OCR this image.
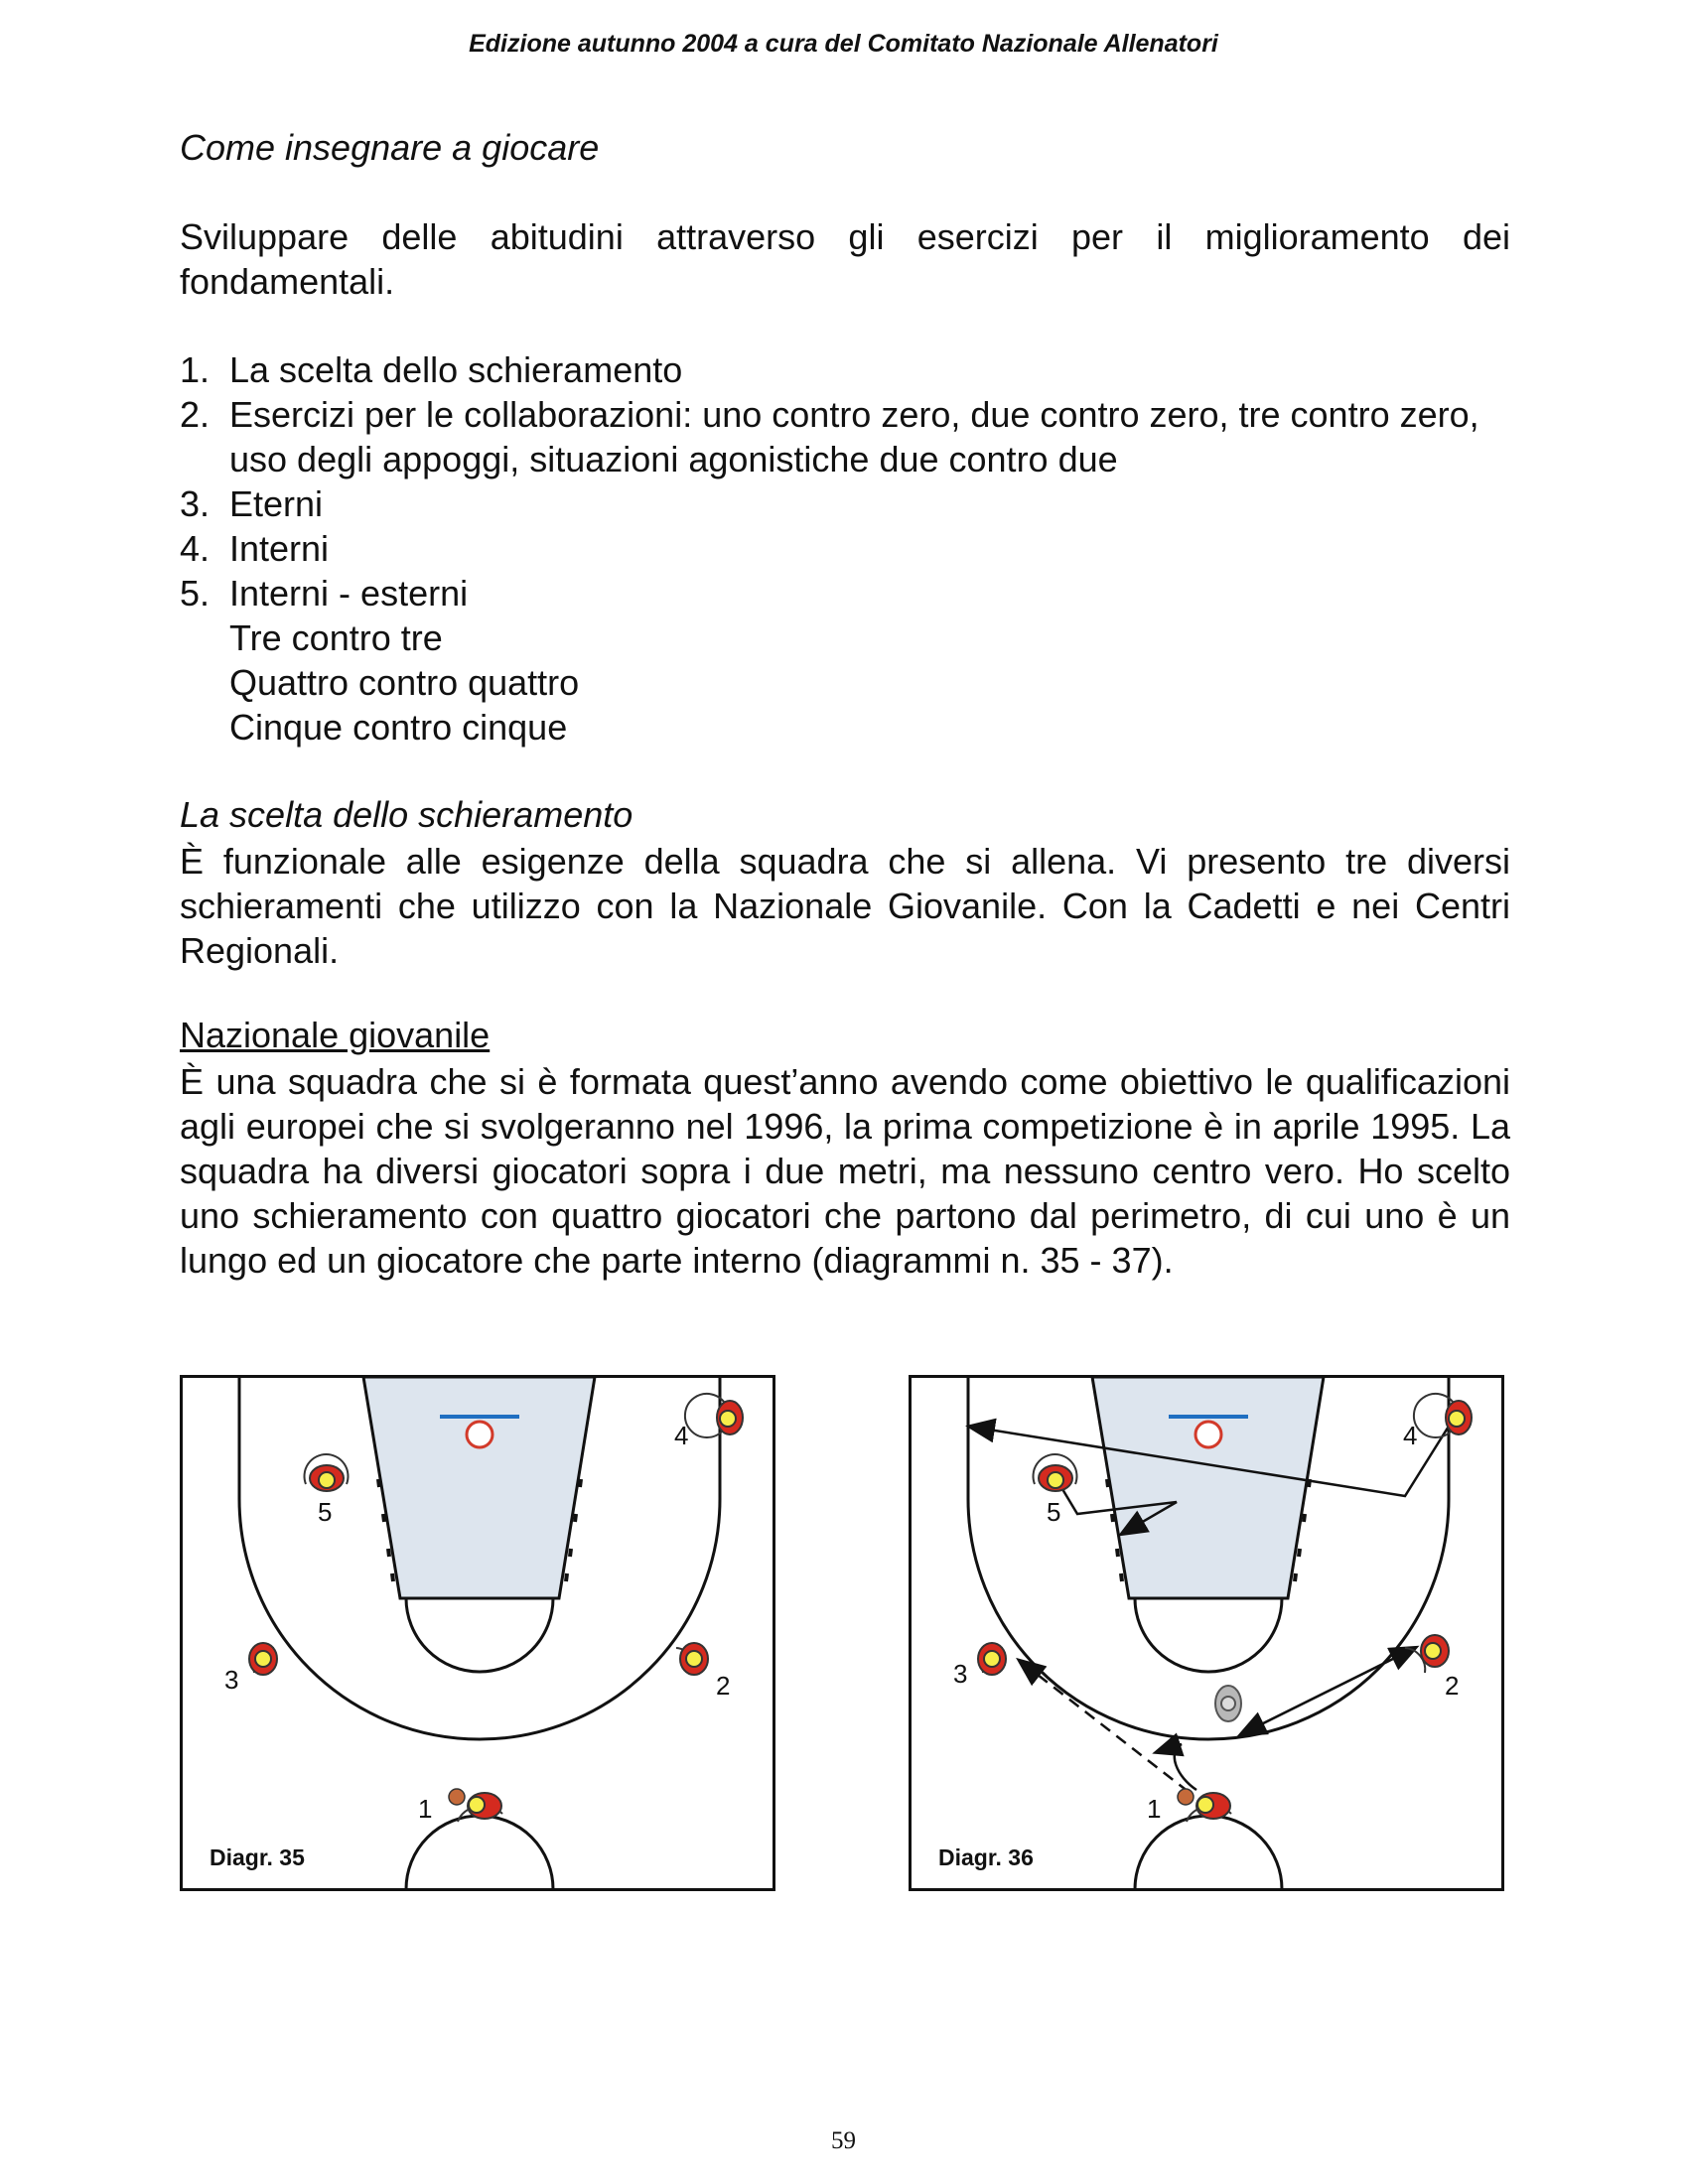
Edizione autunno 2004 a cura del Comitato Nazionale Allenatori
Come insegnare a giocare
Sviluppare delle abitudini attraverso gli esercizi per il miglioramento dei fondamentali.
1. La scelta dello schieramento
2. Esercizi per le collaborazioni: uno contro zero, due contro zero, tre contro zero, uso degli appoggi, situazioni agonistiche due contro due
3. Eterni
4. Interni
5. Interni - esterni
Tre contro tre
Quattro contro quattro
Cinque contro cinque
La scelta dello schieramento
È funzionale alle esigenze della squadra che si allena. Vi presento tre diversi schieramenti che utilizzo con la Nazionale Giovanile. Con la Cadetti e nei Centri Regionali.
Nazionale giovanile
È una squadra che si è formata quest’anno avendo come obiettivo le qualificazioni agli europei che si svolgeranno nel 1996, la prima competizione è in aprile 1995. La squadra ha diversi giocatori sopra i due metri, ma nessuno centro vero. Ho scelto uno schieramento con quattro giocatori che partono dal perimetro, di cui uno è un lungo ed un giocatore che parte interno (diagrammi n. 35 - 37).
5
4
3	2
1
Diagr. 35
5
4
3	2
1
Diagr. 36
59
